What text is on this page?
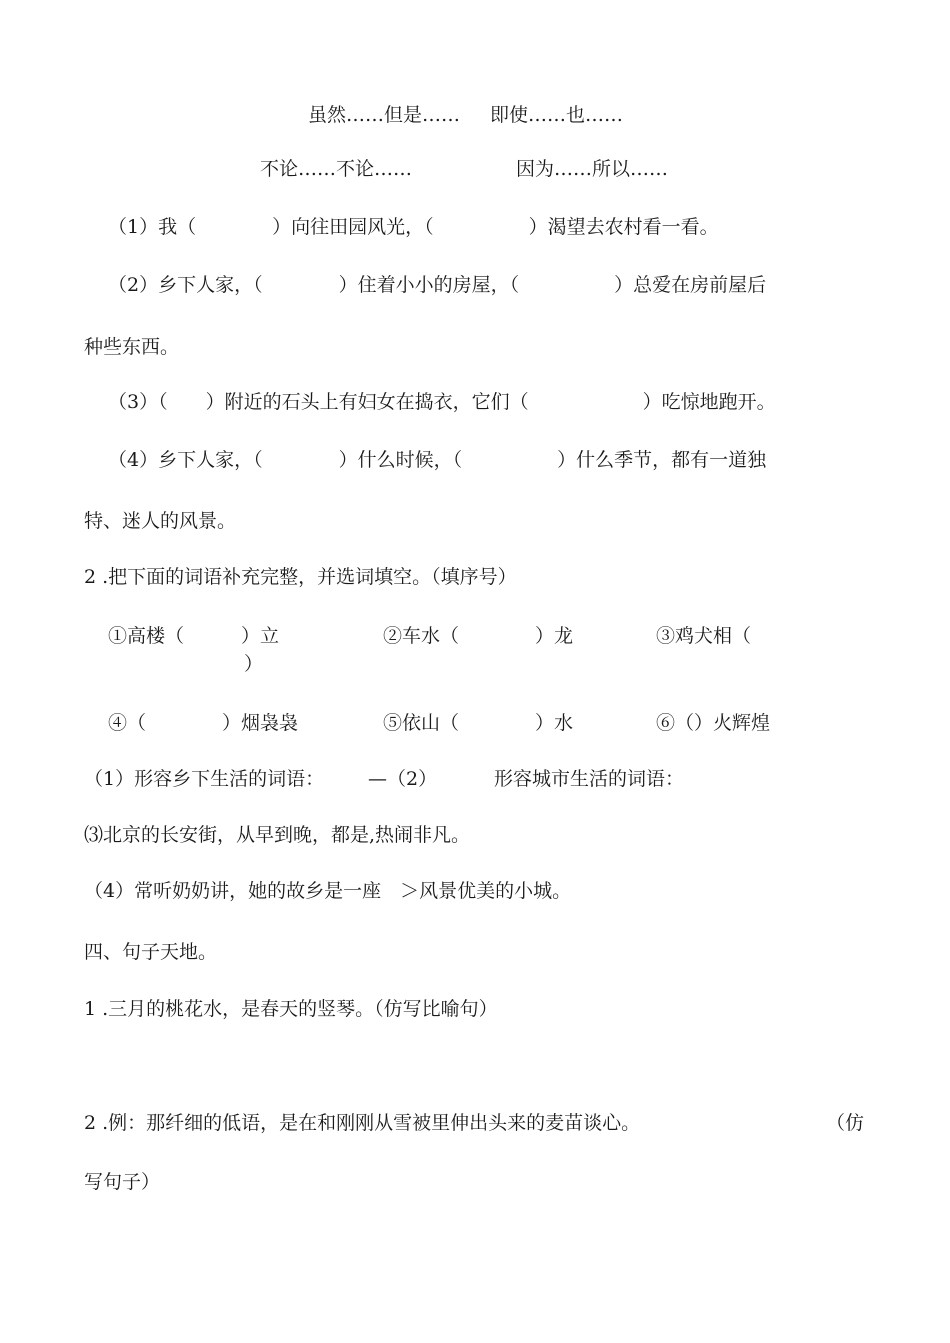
虽然……但是…… 即使……也……
不论……不论……	因为……所以……
（1）我（　　　　）向往田园风光，（　　　　　）渴望去农村看一看。
（2）乡下人家，（　　　　）住着小小的房屋，（　　　　　）总爱在房前屋后
种些东西。
（3）（　　）附近的石头上有妇女在捣衣，它们（　　　　　　）吃惊地跑开。
（4）乡下人家，（　　　　）什么时候，（　　　　　）什么季节，都有一道独
特、迷人的风景。
2 .把下面的词语补充完整，并选词填空。（填序号）
①高楼（　　　）立
）
②车水（　　　　）龙	③鸡犬相（
④（　　　　）烟袅袅	⑤依山（　　　　）水	⑥（）火辉煌
（1）形容乡下生活的词语： —（2）	形容城市生活的词语：
⑶北京的长安街，从早到晚，都是,热闹非凡。
（4）常听奶奶讲，她的故乡是一座　＞风景优美的小城。
四、句子天地。
1 .三月的桃花水，是春天的竖琴。（仿写比喻句）
2 .例：那纤细的低语，是在和刚刚从雪被里伸出头来的麦苗谈心。	（仿
写句子）
